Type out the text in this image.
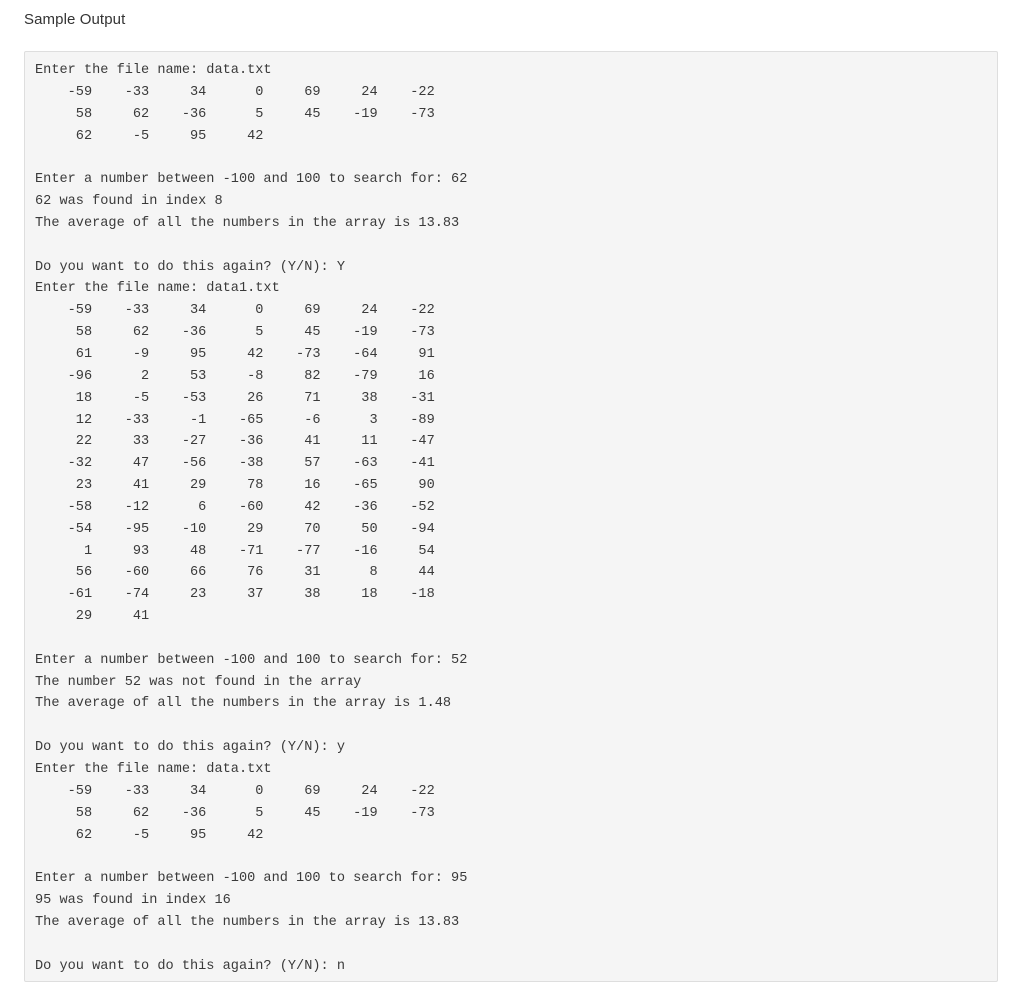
Sample Output
Enter the file name: data.txt
-59    -33     34      0     69     24    -22
58     62    -36      5     45    -19    -73
62     -5     95     42
Enter a number between -100 and 100 to search for: 62
62 was found in index 8
The average of all the numbers in the array is 13.83
Do you want to do this again? (Y/N): Y
Enter the file name: data1.txt
-59    -33     34      0     69     24    -22
58     62    -36      5     45    -19    -73
61     -9     95     42    -73    -64     91
-96      2     53     -8     82    -79     16
18     -5    -53     26     71     38    -31
12    -33     -1    -65     -6      3    -89
22     33    -27    -36     41     11    -47
-32     47    -56    -38     57    -63    -41
23     41     29     78     16    -65     90
-58    -12      6    -60     42    -36    -52
-54    -95    -10     29     70     50    -94
1     93     48    -71    -77    -16     54
56    -60     66     76     31      8     44
-61    -74     23     37     38     18    -18
29     41
Enter a number between -100 and 100 to search for: 52
The number 52 was not found in the array
The average of all the numbers in the array is 1.48
Do you want to do this again? (Y/N): y
Enter the file name: data.txt
-59    -33     34      0     69     24    -22
58     62    -36      5     45    -19    -73
62     -5     95     42
Enter a number between -100 and 100 to search for: 95
95 was found in index 16
The average of all the numbers in the array is 13.83
Do you want to do this again? (Y/N): n
